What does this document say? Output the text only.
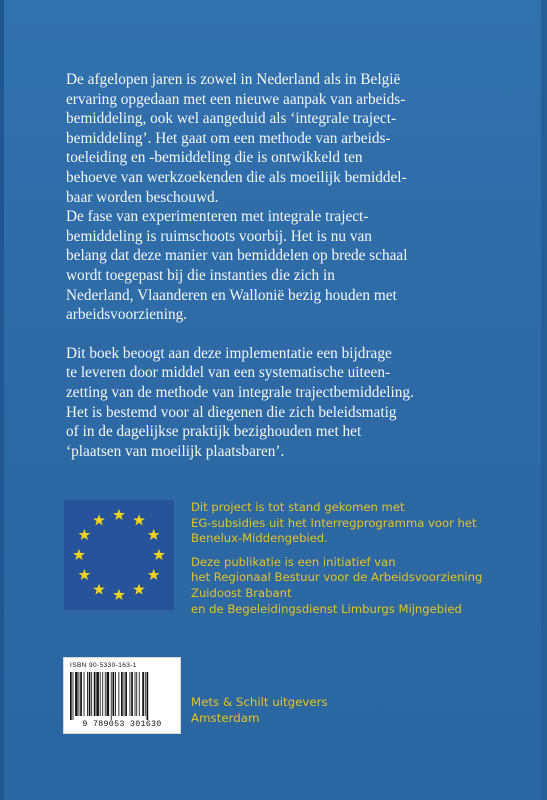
De afgelopen jaren is zowel in Nederland als in België
ervaring opgedaan met een nieuwe aanpak van arbeids-
bemiddeling, ook wel aangeduid als ‘integrale traject-
bemiddeling’. Het gaat om een methode van arbeids-
toeleiding en -bemiddeling die is ontwikkeld ten
behoeve van werkzoekenden die als moeilijk bemiddel-
baar worden beschouwd.

De fase van experimenteren met integrale traject-
bemiddeling is ruimschoots voorbij. Het is nu van
belang dat deze manier van bemiddelen op brede schaal
wordt toegepast bij die instanties die zich in
Nederland, Vlaanderen en Wallonië bezig houden met
arbeidsvoorziening.

Dit boek beoogt aan deze implementatie een bijdrage
te leveren door middel van een systematische uiteen-
zetting van de methode van integrale trajectbemiddeling.
Het is bestemd voor al diegenen die zich beleidsmatig
of in de dagelijkse praktijk bezighouden met het
‘plaatsen van moeilijk plaatsbaren’.

Dit project is tot stand gekomen met
EG-subsidies uit het Interregprogramma voor het
Benelux-Middengebied.

Deze publikatie is een initiatief van
het Regionaal Bestuur voor de Arbeidsvoorziening
Zuidoost Brabant
en de Begeleidingsdienst Limburgs Mijngebied

ISBN 90-5330-163-1
9 789053 301630
Mets & Schilt uitgevers
Amsterdam
